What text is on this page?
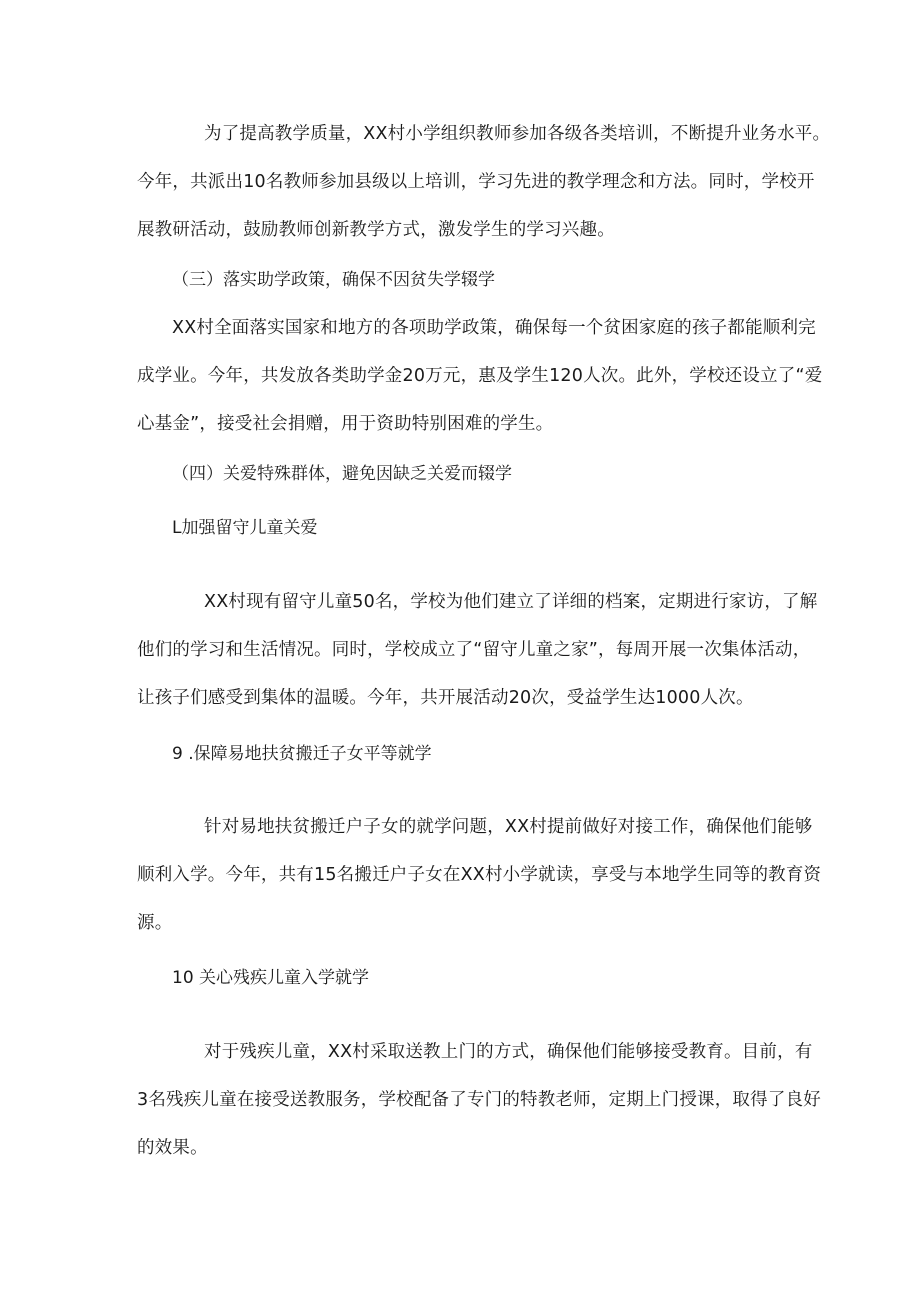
为了提高教学质量，XX村小学组织教师参加各级各类培训，不断提升业务水平。
今年，共派出10名教师参加县级以上培训，学习先进的教学理念和方法。同时，学校开
展教研活动，鼓励教师创新教学方式，激发学生的学习兴趣。
（三）落实助学政策，确保不因贫失学辍学
XX村全面落实国家和地方的各项助学政策，确保每一个贫困家庭的孩子都能顺利完
成学业。今年，共发放各类助学金20万元，惠及学生120人次。此外，学校还设立了“爱
心基金”，接受社会捐赠，用于资助特别困难的学生。
（四）关爱特殊群体，避免因缺乏关爱而辍学
L加强留守儿童关爱
XX村现有留守儿童50名，学校为他们建立了详细的档案，定期进行家访，了解
他们的学习和生活情况。同时，学校成立了“留守儿童之家”，每周开展一次集体活动，
让孩子们感受到集体的温暖。今年，共开展活动20次，受益学生达1000人次。
9 .保障易地扶贫搬迁子女平等就学
针对易地扶贫搬迁户子女的就学问题，XX村提前做好对接工作，确保他们能够
顺利入学。今年，共有15名搬迁户子女在XX村小学就读，享受与本地学生同等的教育资
源。
10 关心残疾儿童入学就学
对于残疾儿童，XX村采取送教上门的方式，确保他们能够接受教育。目前，有
3名残疾儿童在接受送教服务，学校配备了专门的特教老师，定期上门授课，取得了良好
的效果。
